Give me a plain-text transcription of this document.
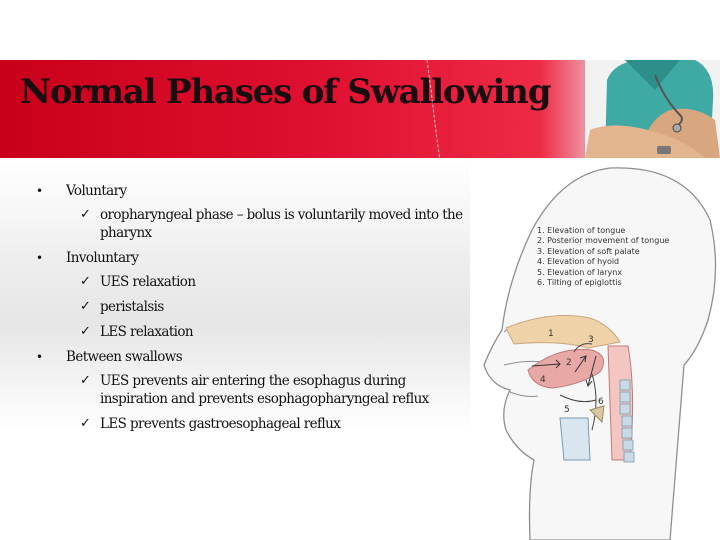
Normal Phases of Swallowing
• Voluntary
✓ oropharyngeal phase – bolus is voluntarily moved into the pharynx
• Involuntary
✓ UES relaxation
✓ peristalsis
✓ LES relaxation
• Between swallows
✓ UES prevents air entering the esophagus during inspiration and prevents esophagopharyngeal reflux
✓ LES prevents gastroesophageal reflux
1
2
3
4
5
6
1. Elevation of tongue
2. Posterior movement of tongue
3. Elevation of soft palate
4. Elevation of hyoid
5. Elevation of larynx
6. Tilting of epiglottis
